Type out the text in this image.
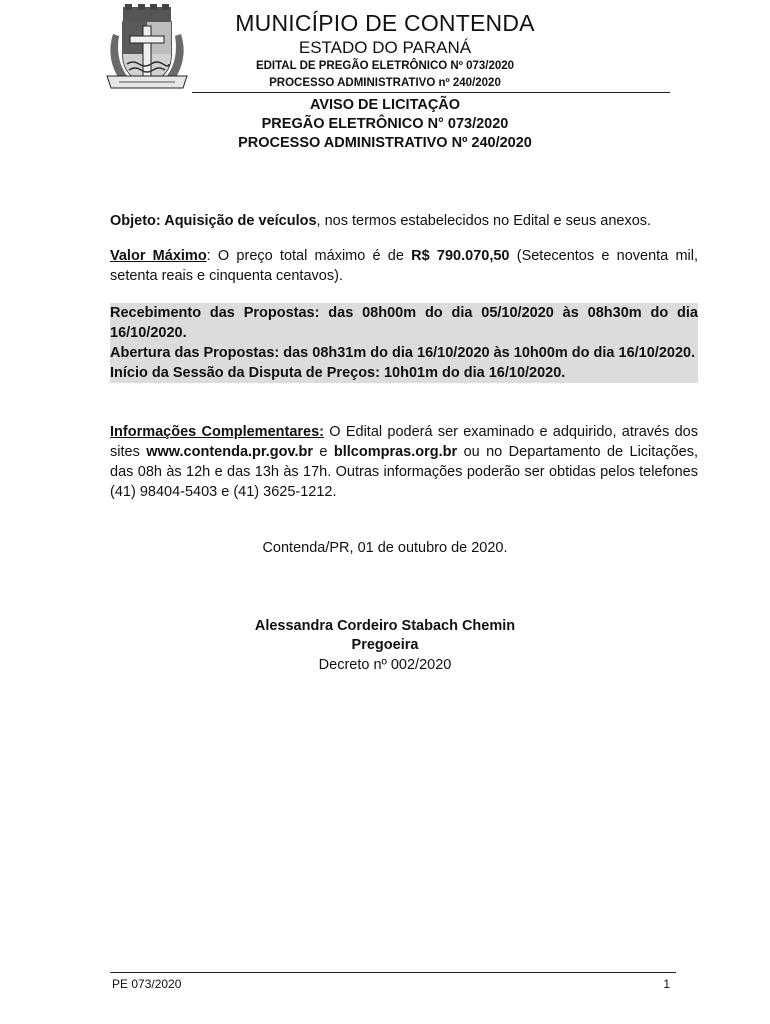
MUNICÍPIO DE CONTENDA
ESTADO DO PARANÁ
EDITAL DE PREGÃO ELETRÔNICO Nº 073/2020
PROCESSO ADMINISTRATIVO nº 240/2020
AVISO DE LICITAÇÃO
PREGÃO ELETRÔNICO N° 073/2020
PROCESSO ADMINISTRATIVO Nº 240/2020
Objeto: Aquisição de veículos, nos termos estabelecidos no Edital e seus anexos.
Valor Máximo: O preço total máximo é de R$ 790.070,50 (Setecentos e noventa mil, setenta reais e cinquenta centavos).
Recebimento das Propostas: das 08h00m do dia 05/10/2020 às 08h30m do dia 16/10/2020.
Abertura das Propostas: das 08h31m do dia 16/10/2020 às 10h00m do dia 16/10/2020.
Início da Sessão da Disputa de Preços: 10h01m do dia 16/10/2020.
Informações Complementares: O Edital poderá ser examinado e adquirido, através dos sites www.contenda.pr.gov.br e bllcompras.org.br ou no Departamento de Licitações, das 08h às 12h e das 13h às 17h. Outras informações poderão ser obtidas pelos telefones (41) 98404-5403 e (41) 3625-1212.
Contenda/PR, 01 de outubro de 2020.
Alessandra Cordeiro Stabach Chemin
Pregoeira
Decreto nº 002/2020
PE 073/2020	1
